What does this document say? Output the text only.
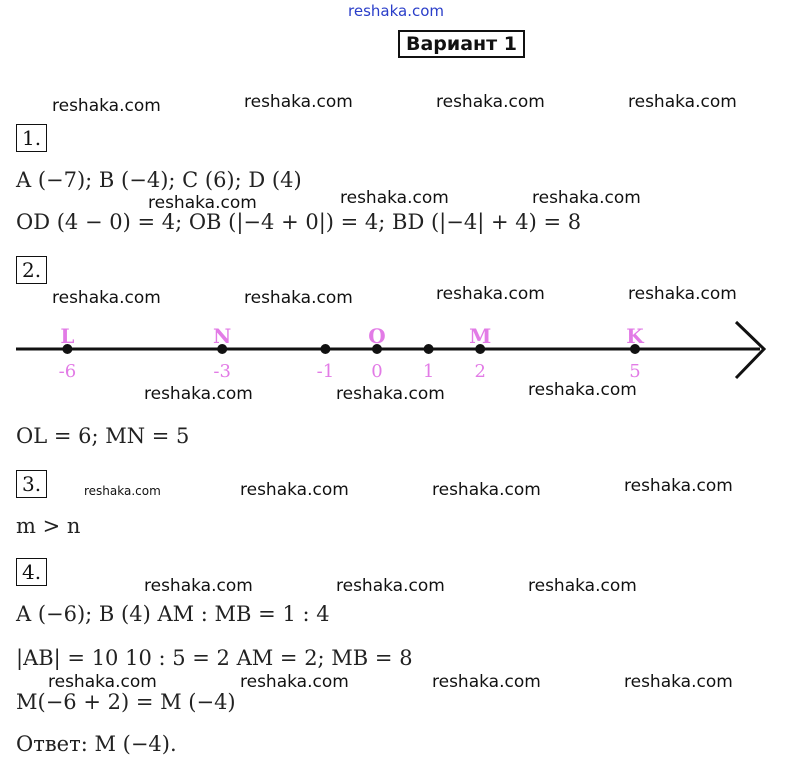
reshaka.com
Вариант 1
reshaka.com	reshaka.com	reshaka.com	reshaka.com
reshaka.com	reshaka.com	reshaka.com
reshaka.com	reshaka.com	reshaka.com	reshaka.com
reshaka.com	reshaka.com	reshaka.com
reshaka.com	reshaka.com	reshaka.com	reshaka.com
reshaka.com	reshaka.com	reshaka.com
reshaka.com	reshaka.com	reshaka.com	reshaka.com
1.
A (−7); B (−4); C (6); D (4)
OD (4 − 0) = 4; OB (|−4 + 0|) = 4; BD (|−4| + 4) = 8
2.
L
-6
N
-3	-1
O
0 1
M
2
K
5
OL = 6; MN = 5
3.
m > n
4.
A (−6); B (4) AM : MB = 1 : 4
|AB| = 10 10 : 5 = 2 AM = 2; MB = 8
M(−6 + 2) = M (−4)
Ответ: M (−4).
